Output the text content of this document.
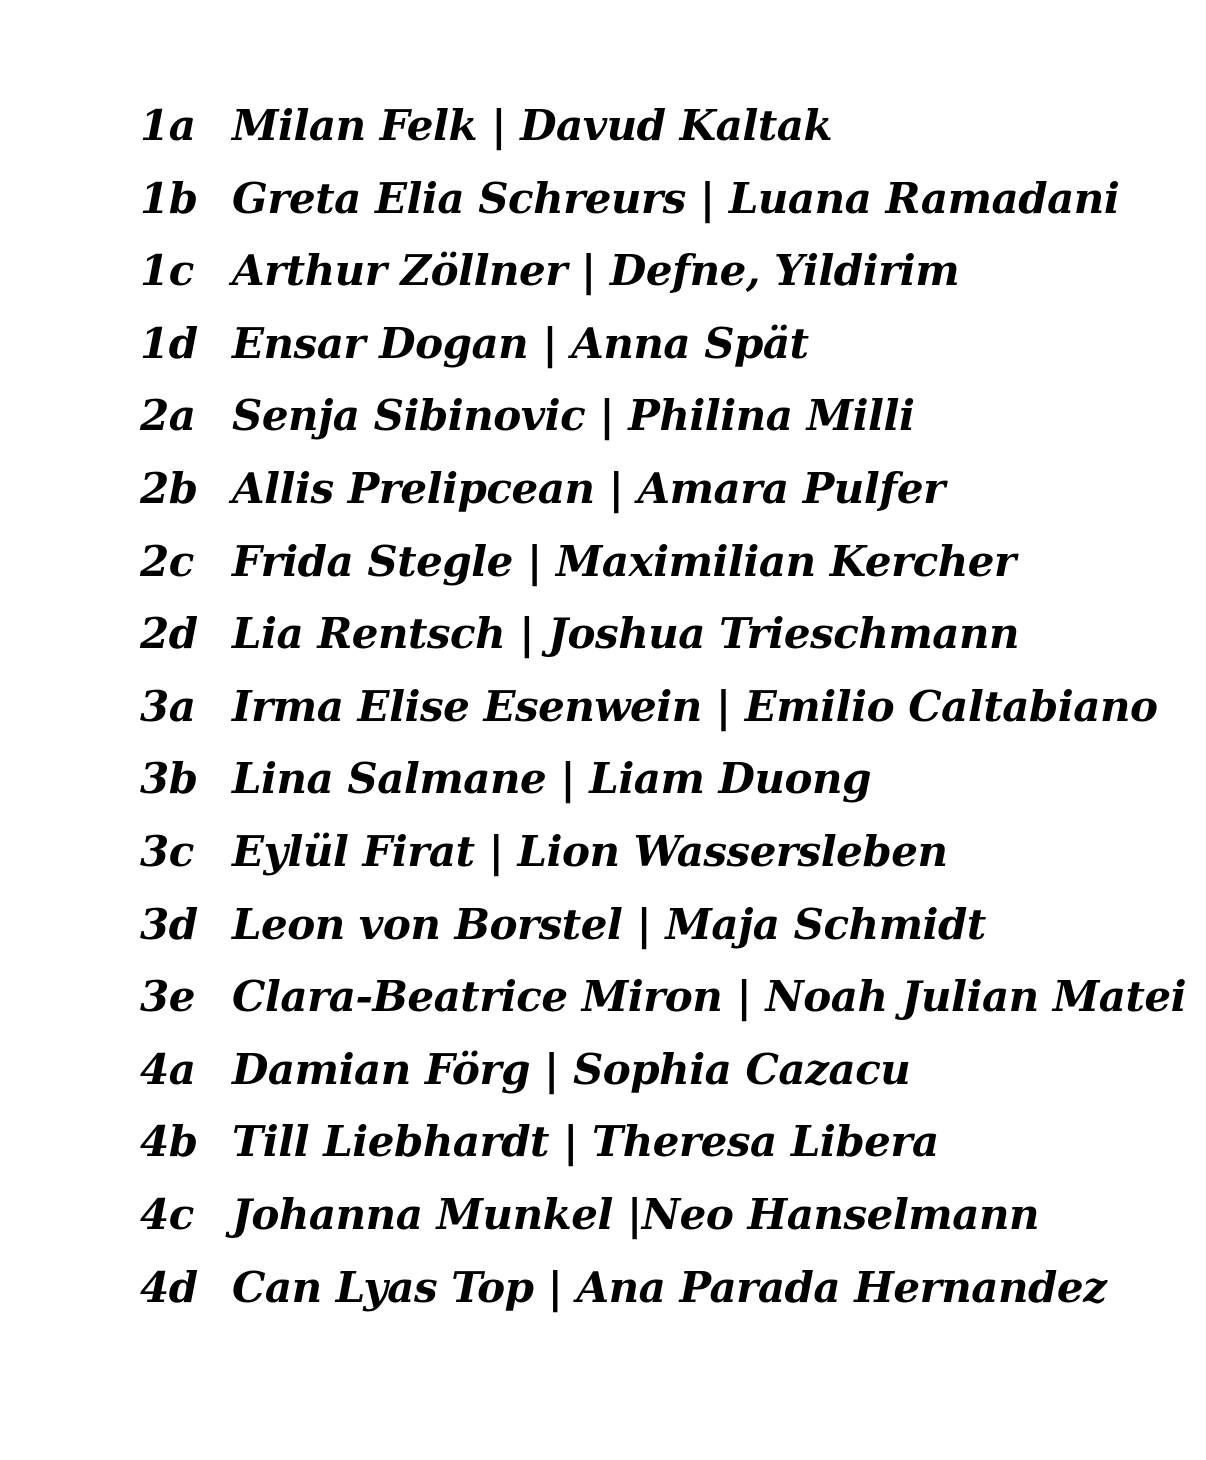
1a Milan Felk | Davud Kaltak
1b Greta Elia Schreurs | Luana Ramadani
1c Arthur Zöllner | Defne, Yildirim
1d Ensar Dogan | Anna Spät
2a Senja Sibinovic | Philina Milli
2b Allis Prelipcean | Amara Pulfer
2c Frida Stegle | Maximilian Kercher
2d Lia Rentsch | Joshua Trieschmann
3a Irma Elise Esenwein | Emilio Caltabiano
3b Lina Salmane | Liam Duong
3c Eylül Firat | Lion Wassersleben
3d Leon von Borstel | Maja Schmidt
3e Clara-Beatrice Miron | Noah Julian Matei
4a Damian Förg | Sophia Cazacu
4b Till Liebhardt | Theresa Libera
4c Johanna Munkel |Neo Hanselmann
4d Can Lyas Top | Ana Parada Hernandez
